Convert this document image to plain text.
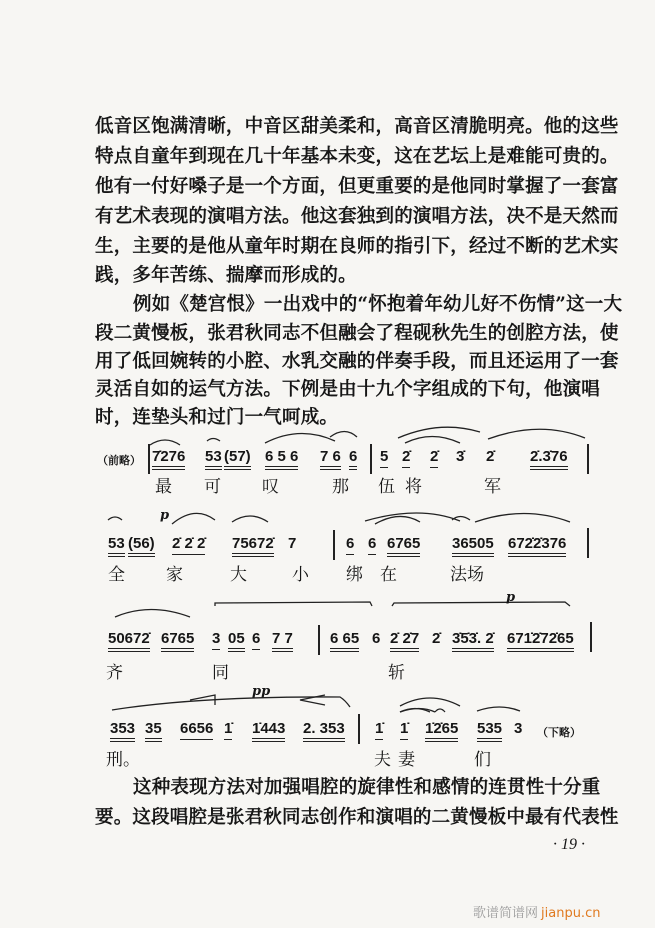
低音区饱满清晰，中音区甜美柔和，高音区清脆明亮。他的这些
特点自童年到现在几十年基本未变，这在艺坛上是难能可贵的。
他有一付好嗓子是一个方面，但更重要的是他同时掌握了一套富
有艺术表现的演唱方法。他这套独到的演唱方法，决不是天然而
生，主要的是他从童年时期在良师的指引下，经过不断的艺术实
践，多年苦练、揣摩而形成的。
例如《楚宫恨》一出戏中的“怀抱着年幼儿好不伤情”这一大
段二黄慢板，张君秋同志不但融会了程砚秋先生的创腔方法，使
用了低回婉转的小腔、水乳交融的伴奏手段，而且还运用了一套
灵活自如的运气方法。下例是由十九个字组成的下句，他演唱
时，连垫头和过门一气呵成。
（前略） 7̇276 53 (57) 6 5 6 7 6 6 5 2̇ 2̇ 3̇ 2̇ 2̇.3̇76
最 可 叹	那 伍 将	军
p
53 (56) 2̇ 2̇ 2̇ 75672̇ 7	6 6 6765 36505 672̇2̇376
全 家	大	小 绑 在	法场
p
50672̇ 6765 3 05 6 7 7 6 65 6 2̇ 2̇7 2̇ 3̇5̇3̇. 2̇ 671̇2̇72̇65
齐	同	斩
pp
353 35 6656 1̇ 1̇443 2. 353 1̇ 1̇ 1̇2̇65 535 3 （下略）
刑。	夫 妻	们
这种表现方法对加强唱腔的旋律性和感情的连贯性十分重
要。这段唱腔是张君秋同志创作和演唱的二黄慢板中最有代表性
· 19 ·
歌谱简谱网 jianpu.cn
